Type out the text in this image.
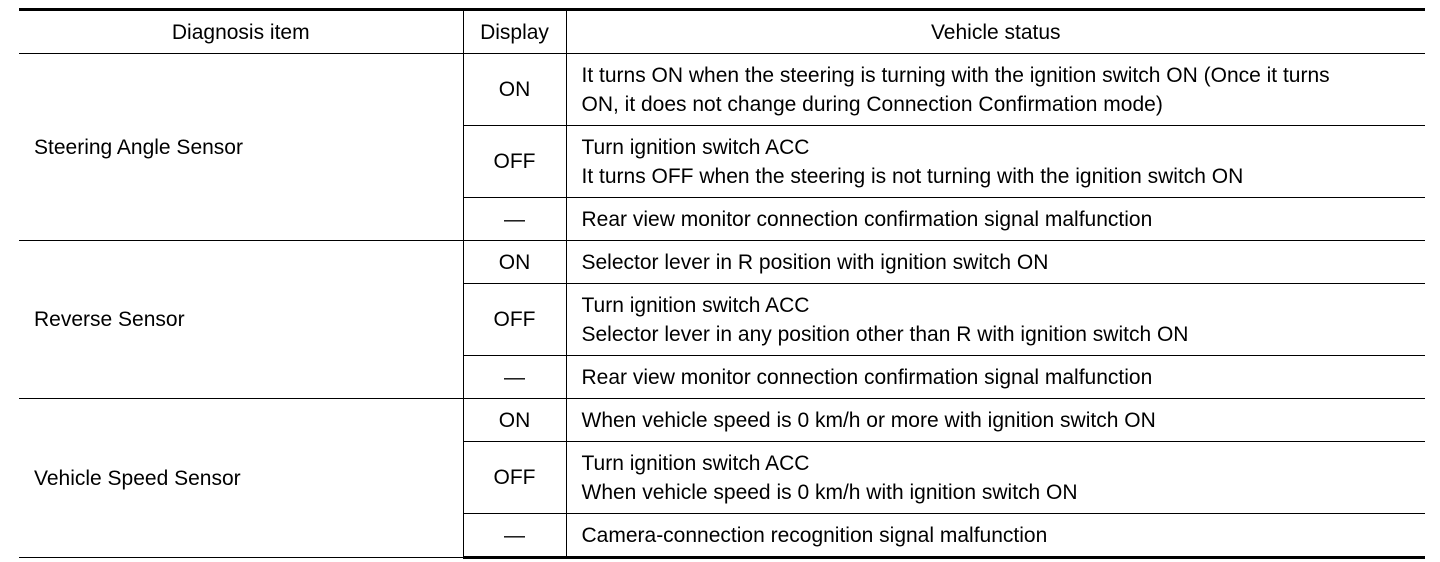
Diagnosis item	Display	Vehicle status
Steering Angle Sensor	ON	It turns ON when the steering is turning with the ignition switch ON (Once it turns
ON, it does not change during Connection Confirmation mode)

	OFF	Turn ignition switch ACC
It turns OFF when the steering is not turning with the ignition switch ON

	—	Rear view monitor connection confirmation signal malfunction

Reverse Sensor	ON	Selector lever in R position with ignition switch ON

	OFF	Turn ignition switch ACC
Selector lever in any position other than R with ignition switch ON

	—	Rear view monitor connection confirmation signal malfunction

Vehicle Speed Sensor	ON	When vehicle speed is 0 km/h or more with ignition switch ON

	OFF	Turn ignition switch ACC
When vehicle speed is 0 km/h with ignition switch ON

	—	Camera-connection recognition signal malfunction
